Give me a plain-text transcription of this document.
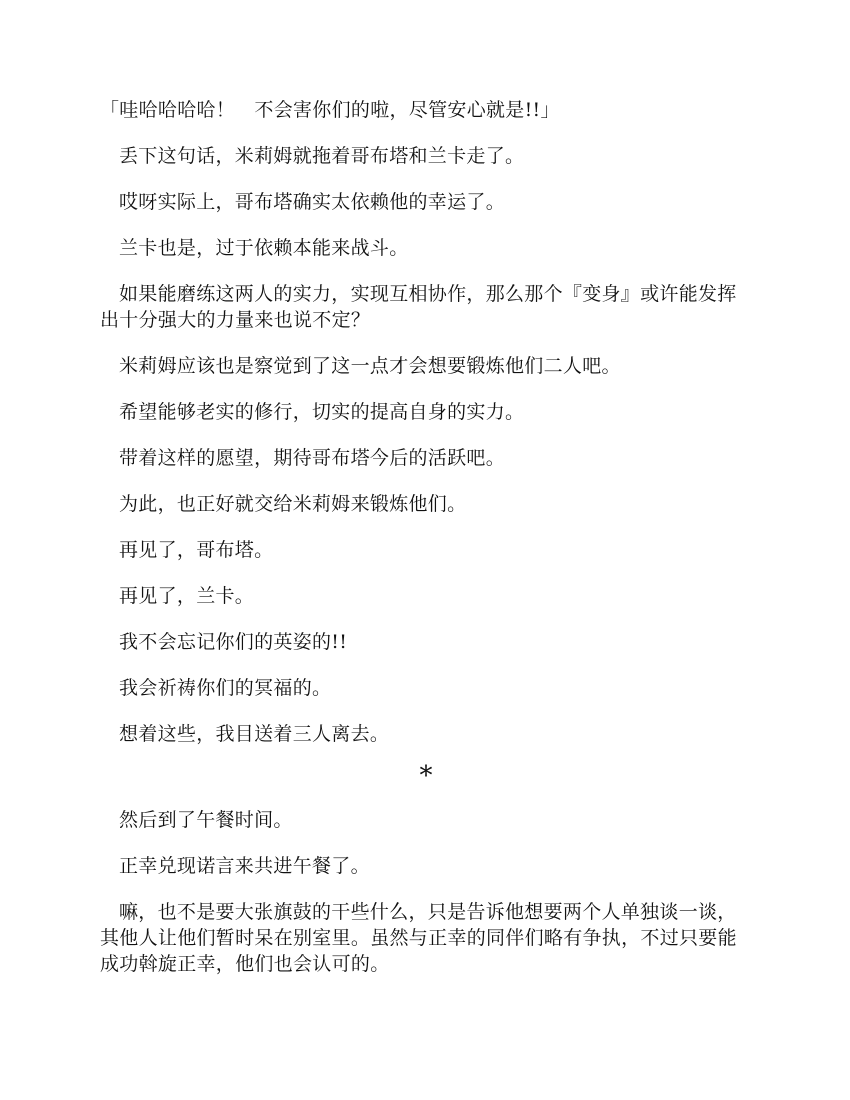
「哇哈哈哈哈！　不会害你们的啦，尽管安心就是!!」

丢下这句话，米莉姆就拖着哥布塔和兰卡走了。

哎呀实际上，哥布塔确实太依赖他的幸运了。

兰卡也是，过于依赖本能来战斗。

如果能磨练这两人的实力，实现互相协作，那么那个『变身』或许能发挥出十分强大的力量来也说不定？

米莉姆应该也是察觉到了这一点才会想要锻炼他们二人吧。

希望能够老实的修行，切实的提高自身的实力。

带着这样的愿望，期待哥布塔今后的活跃吧。

为此，也正好就交给米莉姆来锻炼他们。

再见了，哥布塔。

再见了，兰卡。

我不会忘记你们的英姿的!!

我会祈祷你们的冥福的。

想着这些，我目送着三人离去。

*

然后到了午餐时间。

正幸兑现诺言来共进午餐了。

嘛，也不是要大张旗鼓的干些什么，只是告诉他想要两个人单独谈一谈，其他人让他们暂时呆在别室里。虽然与正幸的同伴们略有争执，不过只要能成功斡旋正幸，他们也会认可的。
